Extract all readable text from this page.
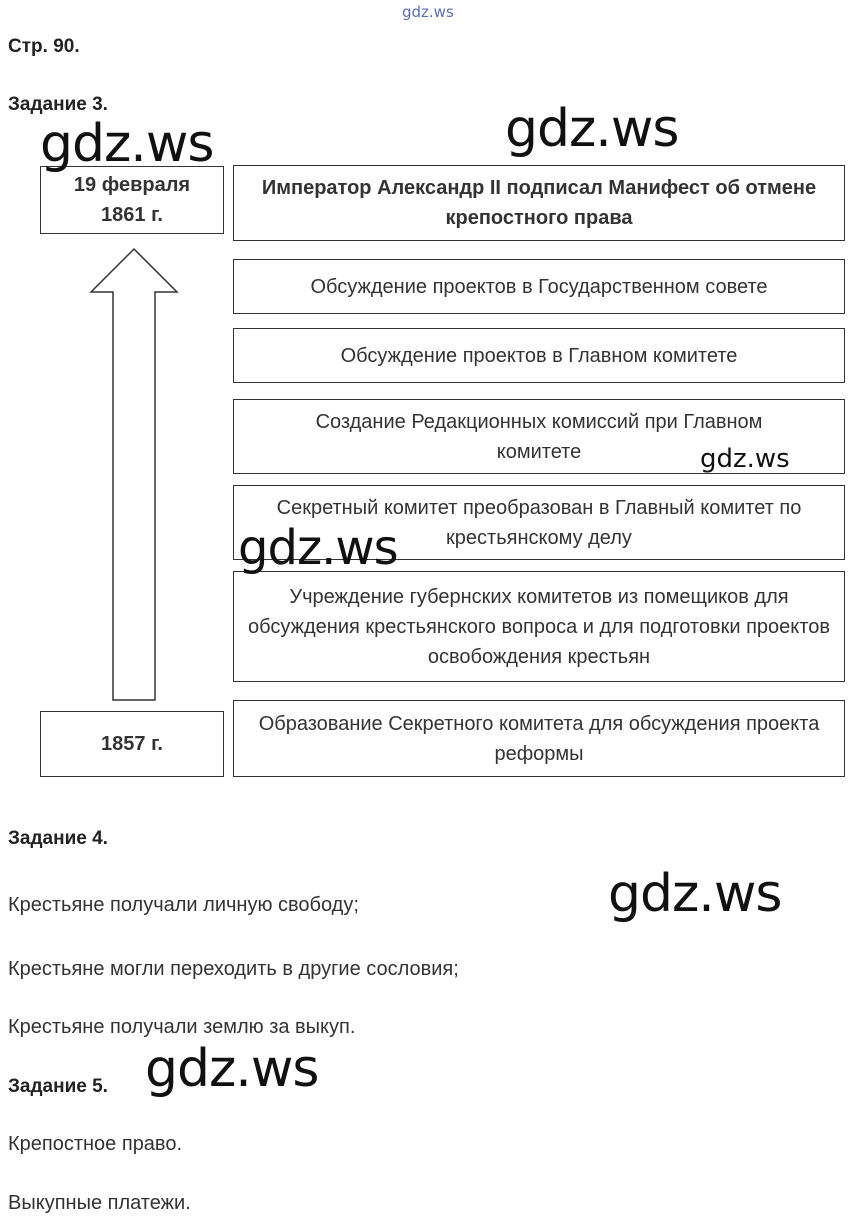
gdz.ws
Стр. 90.
Задание 3.
19 февраля 1861 г.
1857 г.
Император Александр II подписал Манифест об отмене крепостного права
Обсуждение проектов в Государственном совете
Обсуждение проектов в Главном комитете
Создание Редакционных комиссий при Главном комитете
Секретный комитет преобразован в Главный комитет по крестьянскому делу
Учреждение губернских комитетов из помещиков для обсуждения крестьянского вопроса и для подготовки проектов освобождения крестьян
Образование Секретного комитета для обсуждения проекта реформы
Задание 4.
Крестьяне получали личную свободу;
Крестьяне могли переходить в другие сословия;
Крестьяне получали землю за выкуп.
Задание 5.
Крепостное право.
Выкупные платежи.
gdz.ws	gdz.ws
gdz.ws
gdz.ws
gdz.ws
gdz.ws
